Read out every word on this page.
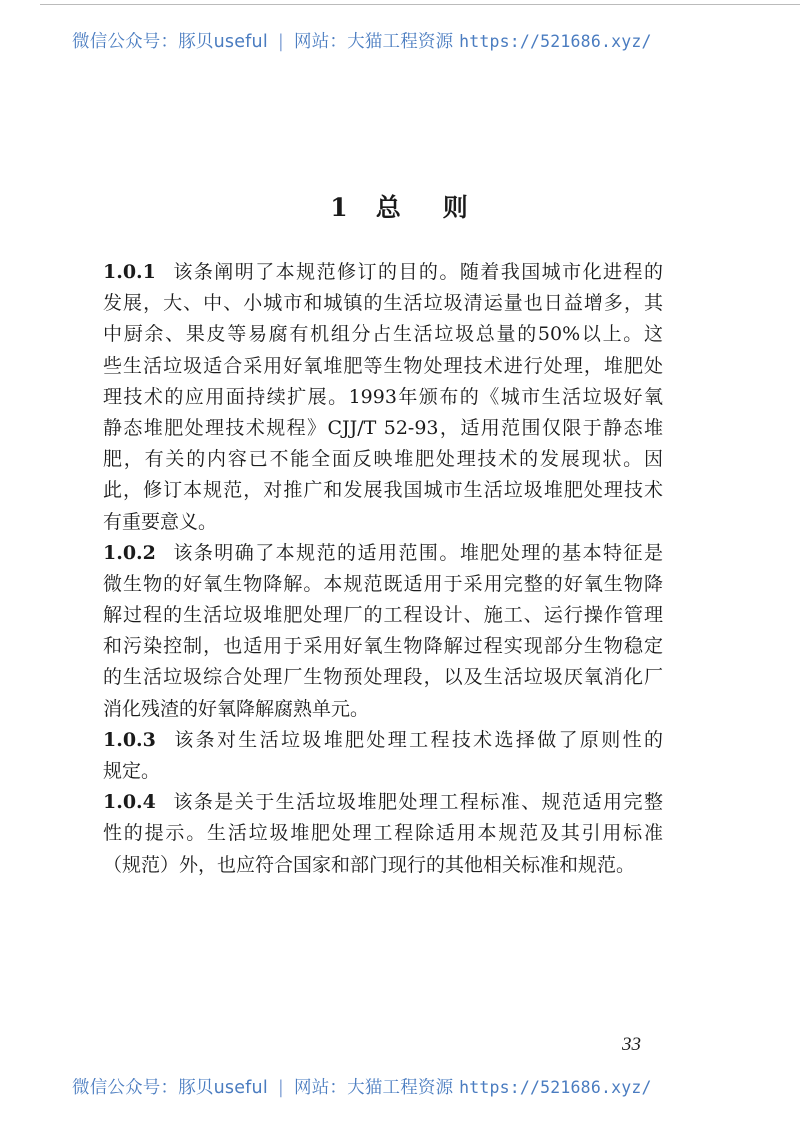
微信公众号：豚贝useful | 网站：大猫工程资源 https://521686.xyz/
1 总 则
1.0.1 该条阐明了本规范修订的目的。随着我国城市化进程的
发展，大、中、小城市和城镇的生活垃圾清运量也日益增多，其
中厨余、果皮等易腐有机组分占生活垃圾总量的50%以上。这
些生活垃圾适合采用好氧堆肥等生物处理技术进行处理，堆肥处
理技术的应用面持续扩展。1993年颁布的《城市生活垃圾好氧
静态堆肥处理技术规程》CJJ/T 52-93，适用范围仅限于静态堆
肥，有关的内容已不能全面反映堆肥处理技术的发展现状。因
此，修订本规范，对推广和发展我国城市生活垃圾堆肥处理技术
有重要意义。
1.0.2 该条明确了本规范的适用范围。堆肥处理的基本特征是
微生物的好氧生物降解。本规范既适用于采用完整的好氧生物降
解过程的生活垃圾堆肥处理厂的工程设计、施工、运行操作管理
和污染控制，也适用于采用好氧生物降解过程实现部分生物稳定
的生活垃圾综合处理厂生物预处理段，以及生活垃圾厌氧消化厂
消化残渣的好氧降解腐熟单元。
1.0.3 该条对生活垃圾堆肥处理工程技术选择做了原则性的
规定。
1.0.4 该条是关于生活垃圾堆肥处理工程标准、规范适用完整
性的提示。生活垃圾堆肥处理工程除适用本规范及其引用标准
（规范）外，也应符合国家和部门现行的其他相关标准和规范。
33
微信公众号：豚贝useful | 网站：大猫工程资源 https://521686.xyz/
